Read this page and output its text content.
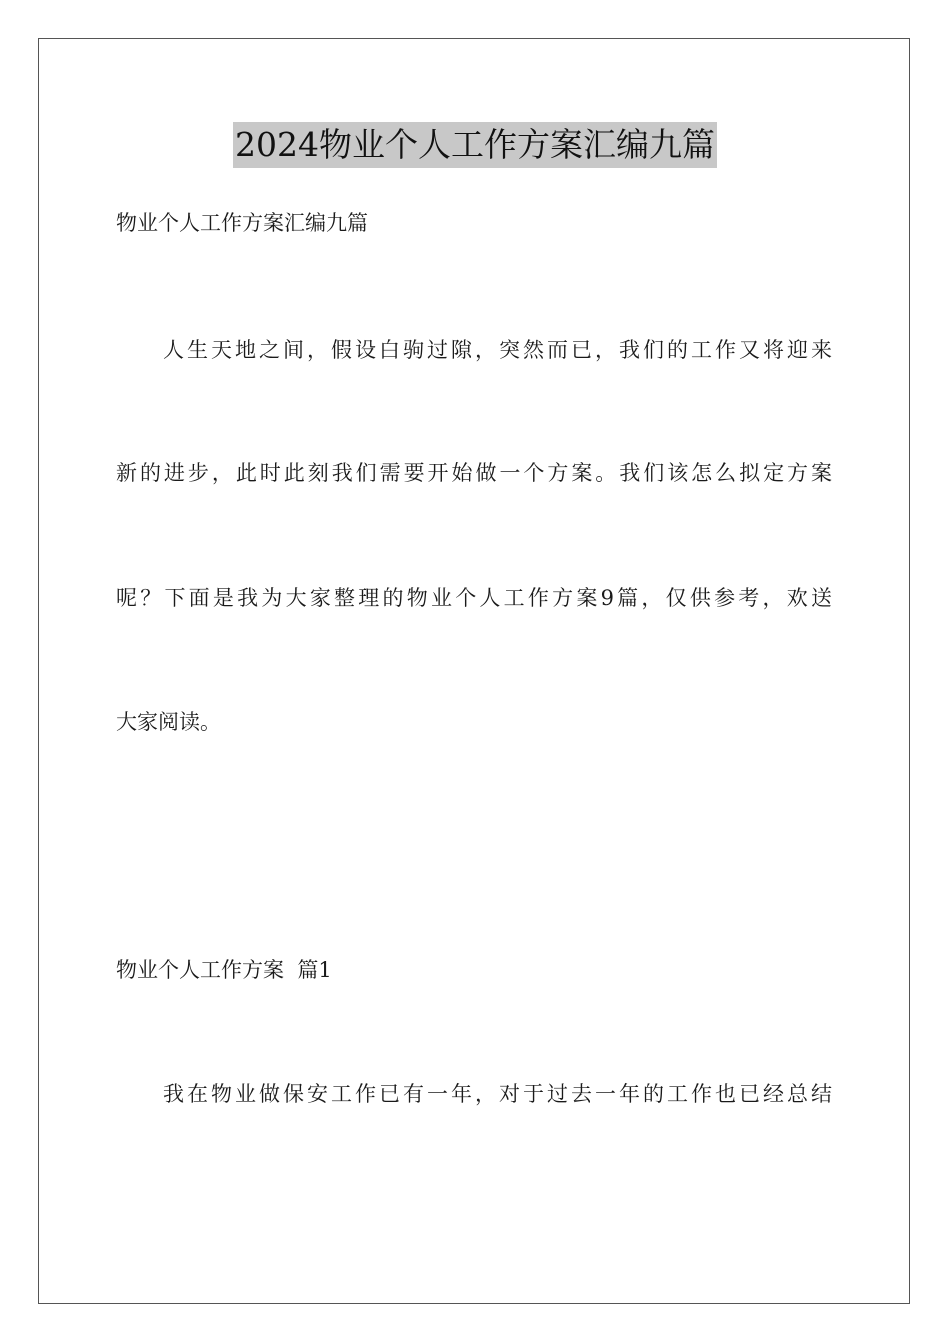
2024物业个人工作方案汇编九篇
物业个人工作方案汇编九篇
人生天地之间，假设白驹过隙，突然而已，我们的工作又将迎来
新的进步，此时此刻我们需要开始做一个方案。我们该怎么拟定方案
呢？下面是我为大家整理的物业个人工作方案9篇，仅供参考，欢送
大家阅读。
物业个人工作方案  篇1
我在物业做保安工作已有一年，对于过去一年的工作也已经总结
